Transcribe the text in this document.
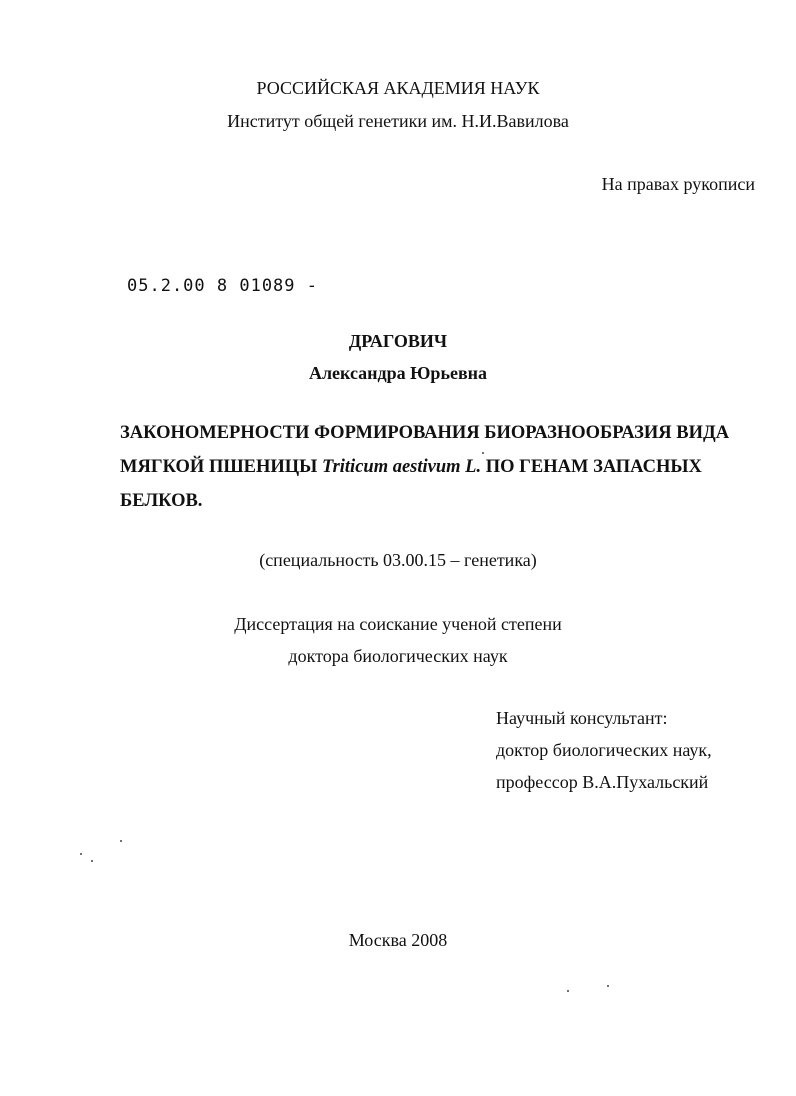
РОССИЙСКАЯ АКАДЕМИЯ НАУК
Институт общей генетики им. Н.И.Вавилова
На правах рукописи
05.2.00 8 01089 -
ДРАГОВИЧ
Александра Юрьевна
ЗАКОНОМЕРНОСТИ ФОРМИРОВАНИЯ БИОРАЗНООБРАЗИЯ ВИДА МЯГКОЙ ПШЕНИЦЫ Triticum aestivum L. ПО ГЕНАМ ЗАПАСНЫХ БЕЛКОВ.
(специальность 03.00.15 – генетика)
Диссертация на соискание ученой степени
доктора биологических наук
Научный консультант:
доктор биологических наук,
профессор В.А.Пухальский
Москва 2008
